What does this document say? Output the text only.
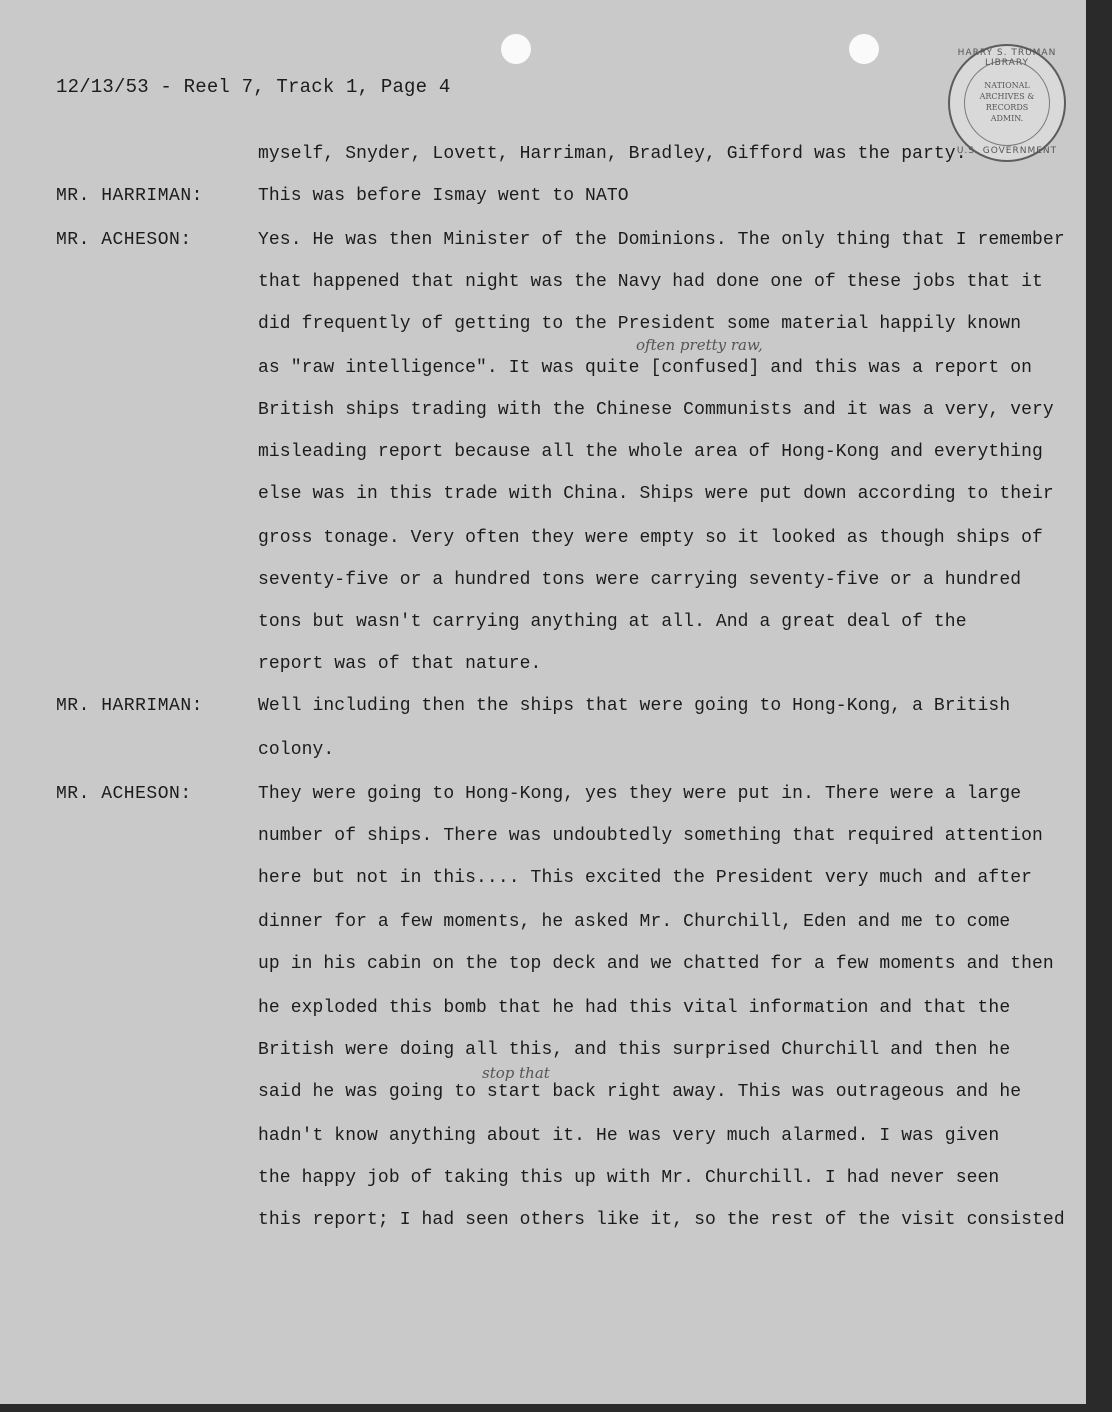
12/13/53 - Reel 7, Track 1, Page 4
HARRY S. TRUMAN LIBRARY
NATIONAL
ARCHIVES &
RECORDS
ADMIN.
U.S. GOVERNMENT
MR. HARRIMAN:
MR. ACHESON:
MR. HARRIMAN:
MR. ACHESON:
myself, Snyder, Lovett, Harriman, Bradley, Gifford was the party.
This was before Ismay went to NATO
Yes. He was then Minister of the Dominions. The only thing that I remember
that happened that night was the Navy had done one of these jobs that it
did frequently of getting to the President some material happily known
as "raw intelligence". It was quite [confused] and this was a report on
British ships trading with the Chinese Communists and it was a very, very
misleading report because all the whole area of Hong-Kong and everything
else was in this trade with China. Ships were put down according to their
gross tonage. Very often they were empty so it looked as though ships of
seventy-five or a hundred tons were carrying seventy-five or a hundred
tons but wasn't carrying anything at all. And a great deal of the
report was of that nature.
Well including then the ships that were going to Hong-Kong, a British
colony.
They were going to Hong-Kong, yes they were put in. There were a large
number of ships. There was undoubtedly something that required attention
here but not in this.... This excited the President very much and after
dinner for a few moments, he asked Mr. Churchill, Eden and me to come
up in his cabin on the top deck and we chatted for a few moments and then
he exploded this bomb that he had this vital information and that the
British were doing all this, and this surprised Churchill and then he
said he was going to start back right away. This was outrageous and he
hadn't know anything about it. He was very much alarmed. I was given
the happy job of taking this up with Mr. Churchill. I had never seen
this report; I had seen others like it, so the rest of the visit consisted
often pretty raw,
stop that
